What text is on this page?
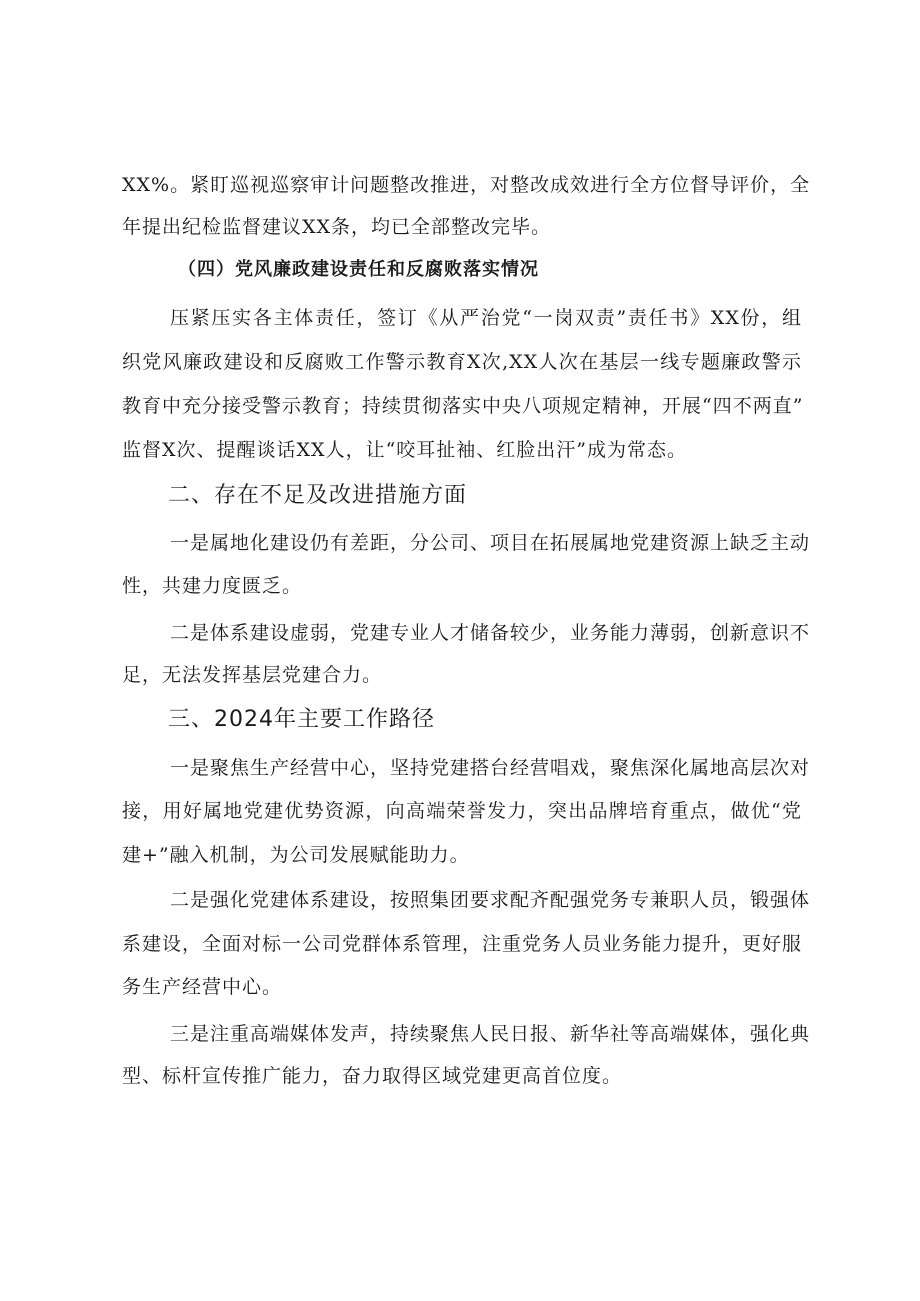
XX%。紧盯巡视巡察审计问题整改推进，对整改成效进行全方位督导评价，全
年提出纪检监督建议XX条，均已全部整改完毕。
（四）党风廉政建设责任和反腐败落实情况
压紧压实各主体责任，签订《从严治党“一岗双责”责任书》XX份，组
织党风廉政建设和反腐败工作警示教育X次,XX人次在基层一线专题廉政警示
教育中充分接受警示教育；持续贯彻落实中央八项规定精神，开展“四不两直”
监督X次、提醒谈话XX人，让“咬耳扯袖、红脸出汗”成为常态。
二、存在不足及改进措施方面
一是属地化建设仍有差距，分公司、项目在拓展属地党建资源上缺乏主动
性，共建力度匮乏。
二是体系建设虚弱，党建专业人才储备较少，业务能力薄弱，创新意识不
足，无法发挥基层党建合力。
三、2024年主要工作路径
一是聚焦生产经营中心，坚持党建搭台经营唱戏，聚焦深化属地高层次对
接，用好属地党建优势资源，向高端荣誉发力，突出品牌培育重点，做优“党
建+”融入机制，为公司发展赋能助力。
二是强化党建体系建设，按照集团要求配齐配强党务专兼职人员，锻强体
系建设，全面对标一公司党群体系管理，注重党务人员业务能力提升，更好服
务生产经营中心。
三是注重高端媒体发声，持续聚焦人民日报、新华社等高端媒体，强化典
型、标杆宣传推广能力，奋力取得区域党建更高首位度。
